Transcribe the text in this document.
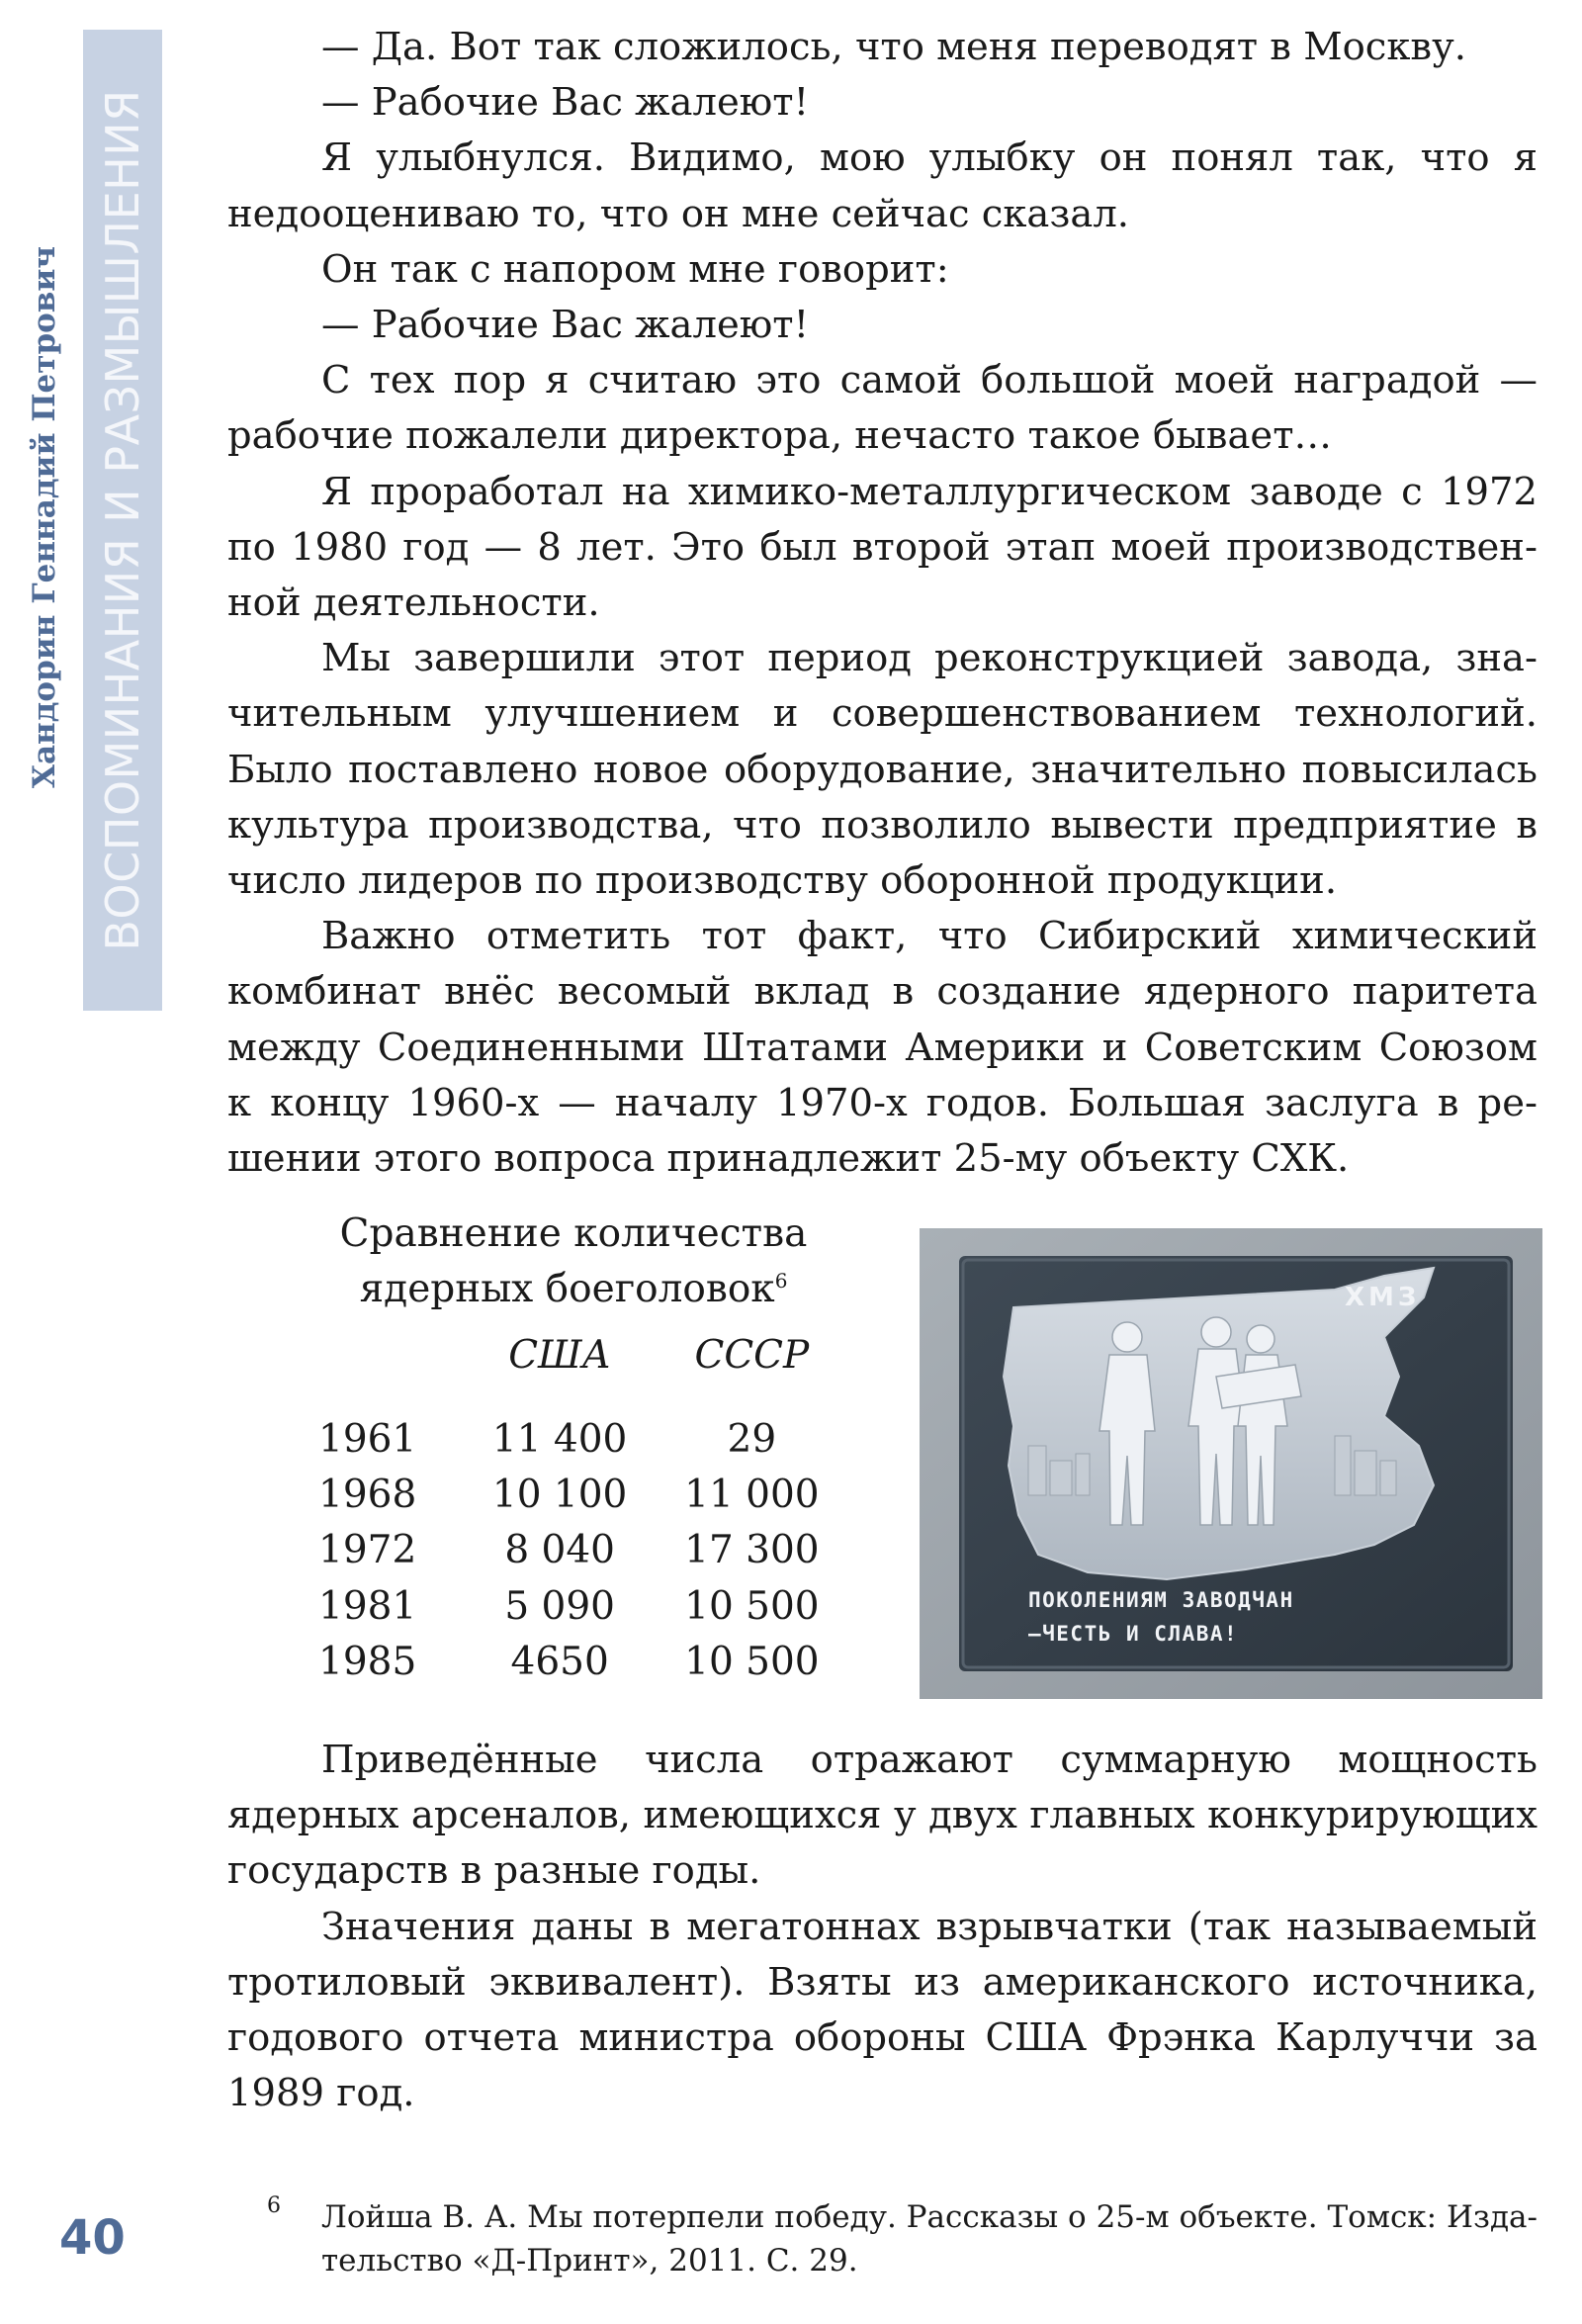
ВОСПОМИНАНИЯ И РАЗМЫШЛЕНИЯ
Хандорин Геннадий Петрович

— Да. Вот так сложилось, что меня переводят в Москву.

— Рабочие Вас жалеют!

Я улыбнулся. Видимо, мою улыбку он понял так, что я недооцениваю то, что он мне сейчас сказал.

Он так с напором мне говорит:

— Рабочие Вас жалеют!

С тех пор я считаю это самой большой моей наградой — рабочие пожалели директора, нечасто такое бывает…

Я проработал на химико-металлургическом заводе с 1972 по 1980 год — 8 лет. Это был второй этап моей производственной деятельности.

Мы завершили этот период реконструкцией завода, значительным улучшением и совершенствованием технологий. Было поставлено новое оборудование, значительно повысилась культура производства, что позволило вывести предприятие в число лидеров по производству оборонной продукции.

Важно отметить тот факт, что Сибирский химический комбинат внёс весомый вклад в создание ядерного паритета между Соединенными Штатами Америки и Советским Союзом к концу 1960-х — началу 1970-х годов. Большая заслуга в решении этого вопроса принадлежит 25-му объекту СХК.

Сравнение количества
ядерных боеголовок$^6$

	США	СССР
1961	11 400	29
1968	10 100	11 000
1972	8 040	17 300
1981	5 090	10 500
1985	4650	10 500
ХМЗ
ПОКОЛЕНИЯМ ЗАВОДЧАН
—ЧЕСТЬ И СЛАВА!

Приведённые числа отражают суммарную мощность ядерных арсеналов, имеющихся у двух главных конкурирующих государств в разные годы.

Значения даны в мегатоннах взрывчатки (так называемый тротиловый эквивалент). Взяты из американского источника, годового отчета министра обороны США Фрэнка Карлуччи за 1989 год.

40
6 Лойша В. А. Мы потерпели победу. Рассказы о 25-м объекте. Томск: Издательство «Д-Принт», 2011. С. 29.
